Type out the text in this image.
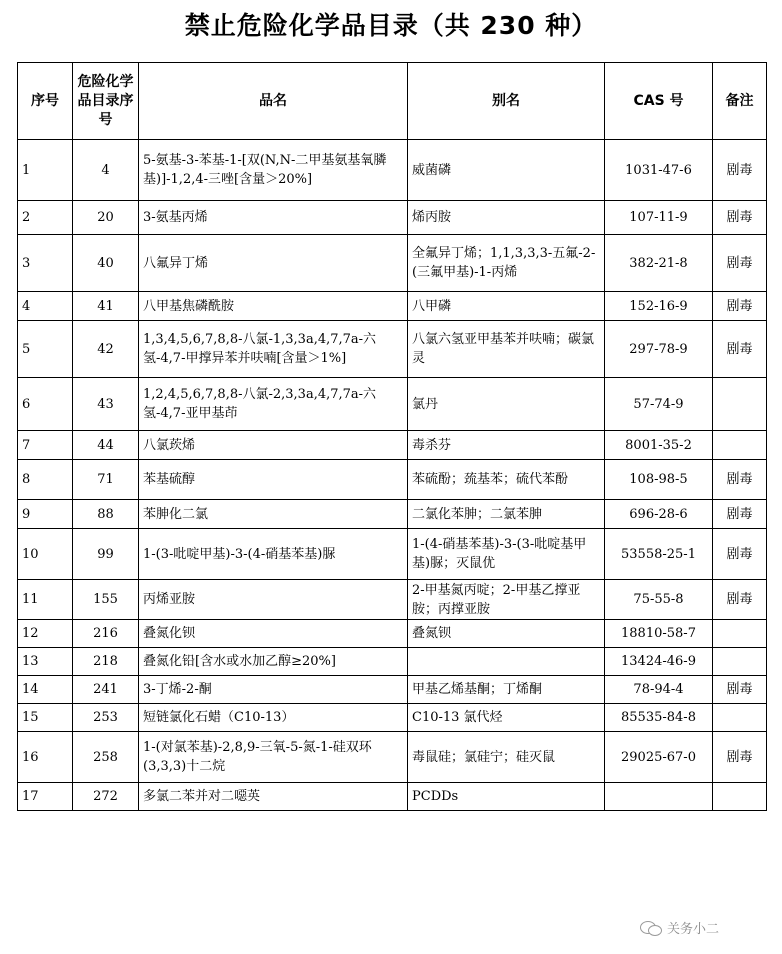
禁止危险化学品目录（共 230 种）
序号	危险化学品目录序号	品名	别名	CAS 号	备注
1	4	5-氨基-3-苯基-1-[双(N,N-二甲基氨基氧膦基)]-1,2,4-三唑[含量＞20%]	威菌磷	1031-47-6	剧毒
2	20	3-氨基丙烯	烯丙胺	107-11-9	剧毒
3	40	八氟异丁烯	全氟异丁烯；1,1,3,3,3-五氟-2-(三氟甲基)-1-丙烯	382-21-8	剧毒
4	41	八甲基焦磷酰胺	八甲磷	152-16-9	剧毒
5	42	1,3,4,5,6,7,8,8-八氯-1,3,3a,4,7,7a-六氢-4,7-甲撑异苯并呋喃[含量＞1%]	八氯六氢亚甲基苯并呋喃；碳氯灵	297-78-9	剧毒
6	43	1,2,4,5,6,7,8,8-八氯-2,3,3a,4,7,7a-六氢-4,7-亚甲基茚	氯丹	57-74-9	
7	44	八氯莰烯	毒杀芬	8001-35-2	
8	71	苯基硫醇	苯硫酚；巯基苯；硫代苯酚	108-98-5	剧毒
9	88	苯胂化二氯	二氯化苯胂；二氯苯胂	696-28-6	剧毒
10	99	1-(3-吡啶甲基)-3-(4-硝基苯基)脲	1-(4-硝基苯基)-3-(3-吡啶基甲基)脲；灭鼠优	53558-25-1	剧毒
11	155	丙烯亚胺	2-甲基氮丙啶；2-甲基乙撑亚胺；丙撑亚胺	75-55-8	剧毒
12	216	叠氮化钡	叠氮钡	18810-58-7	
13	218	叠氮化铅[含水或水加乙醇≥20%]		13424-46-9	
14	241	3-丁烯-2-酮	甲基乙烯基酮；丁烯酮	78-94-4	剧毒
15	253	短链氯化石蜡（C10-13）	C10-13 氯代烃	85535-84-8	
16	258	1-(对氯苯基)-2,8,9-三氧-5-氮-1-硅双环(3,3,3)十二烷	毒鼠硅；氯硅宁；硅灭鼠	29025-67-0	剧毒
17	272	多氯二苯并对二噁英	PCDDs		
关务小二
